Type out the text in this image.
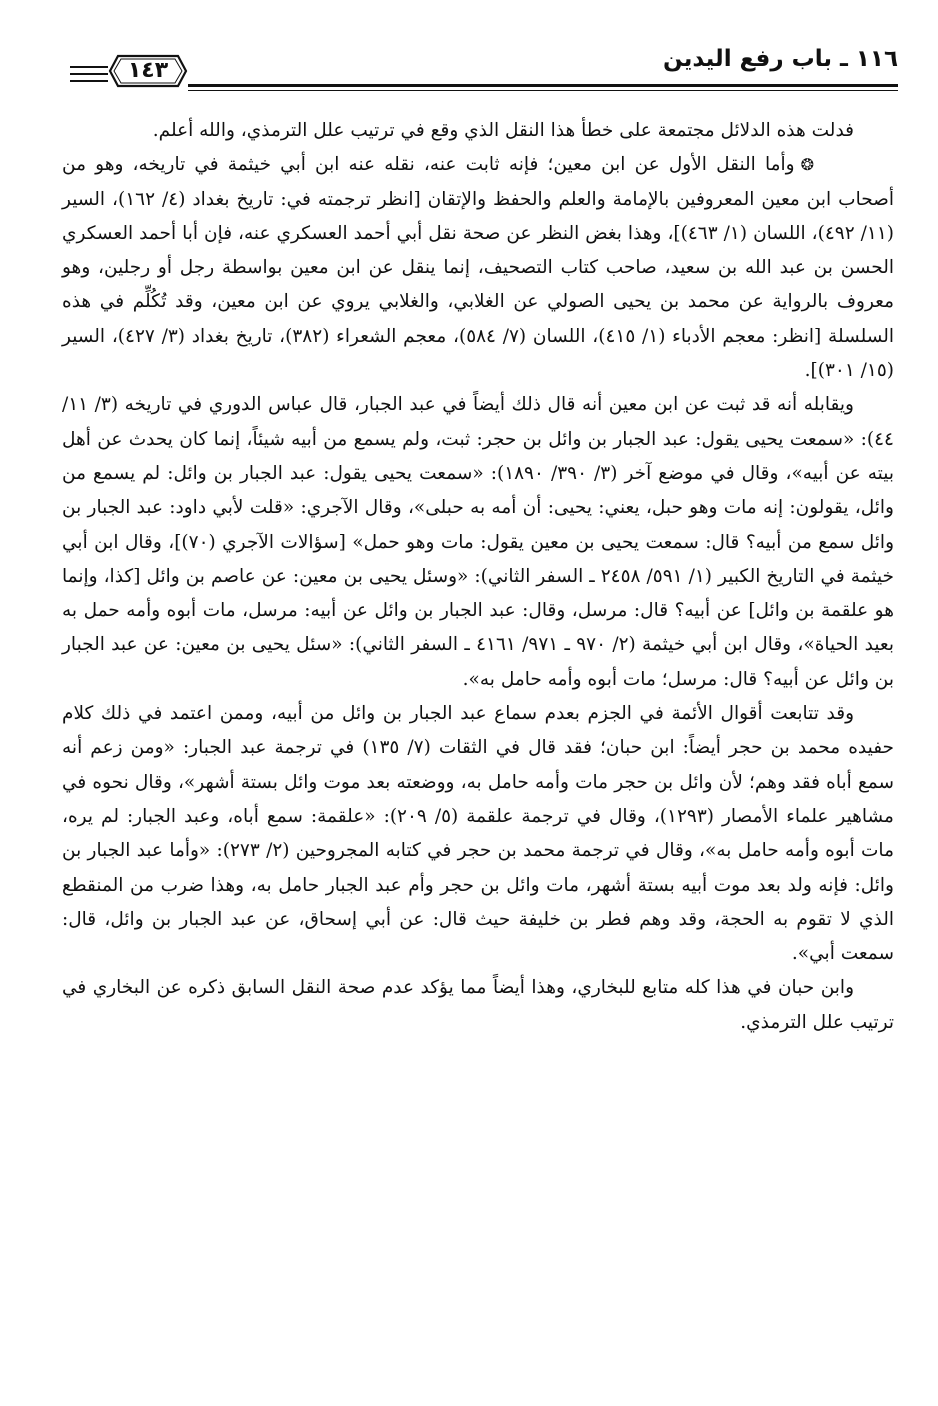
١١٦ ـ باب رفع اليدين
١٤٣

فدلت هذه الدلائل مجتمعة على خطأ هذا النقل الذي وقع في ترتيب علل الترمذي، والله أعلم.

❂وأما النقل الأول عن ابن معين؛ فإنه ثابت عنه، نقله عنه ابن أبي خيثمة في تاريخه، وهو من أصحاب ابن معين المعروفين بالإمامة والعلم والحفظ والإتقان [انظر ترجمته في: تاريخ بغداد (٤/ ١٦٢)، السير (١١/ ٤٩٢)، اللسان (١/ ٤٦٣)]، وهذا بغض النظر عن صحة نقل أبي أحمد العسكري عنه، فإن أبا أحمد العسكري الحسن بن عبد الله بن سعيد، صاحب كتاب التصحيف، إنما ينقل عن ابن معين بواسطة رجل أو رجلين، وهو معروف بالرواية عن محمد بن يحيى الصولي عن الغلابي، والغلابي يروي عن ابن معين، وقد تُكُلِّم في هذه السلسلة [انظر: معجم الأدباء (١/ ٤١٥)، اللسان (٧/ ٥٨٤)، معجم الشعراء (٣٨٢)، تاريخ بغداد (٣/ ٤٢٧)، السير (١٥/ ٣٠١)].

ويقابله أنه قد ثبت عن ابن معين أنه قال ذلك أيضاً في عبد الجبار، قال عباس الدوري في تاريخه (٣/ ١١/ ٤٤): «سمعت يحيى يقول: عبد الجبار بن وائل بن حجر: ثبت، ولم يسمع من أبيه شيئاً، إنما كان يحدث عن أهل بيته عن أبيه»، وقال في موضع آخر (٣/ ٣٩٠/ ١٨٩٠): «سمعت يحيى يقول: عبد الجبار بن وائل: لم يسمع من وائل، يقولون: إنه مات وهو حبل، يعني: يحيى: أن أمه به حبلى»، وقال الآجري: «قلت لأبي داود: عبد الجبار بن وائل سمع من أبيه؟ قال: سمعت يحيى بن معين يقول: مات وهو حمل» [سؤالات الآجري (٧٠)]، وقال ابن أبي خيثمة في التاريخ الكبير (١/ ٥٩١/ ٢٤٥٨ ـ السفر الثاني): «وسئل يحيى بن معين: عن عاصم بن وائل [كذا، وإنما هو علقمة بن وائل] عن أبيه؟ قال: مرسل، وقال: عبد الجبار بن وائل عن أبيه: مرسل، مات أبوه وأمه حمل به بعيد الحياة»، وقال ابن أبي خيثمة (٢/ ٩٧٠ ـ ٩٧١/ ٤١٦١ ـ السفر الثاني): «سئل يحيى بن معين: عن عبد الجبار بن وائل عن أبيه؟ قال: مرسل؛ مات أبوه وأمه حامل به».

وقد تتابعت أقوال الأئمة في الجزم بعدم سماع عبد الجبار بن وائل من أبيه، وممن اعتمد في ذلك كلام حفيده محمد بن حجر أيضاً: ابن حبان؛ فقد قال في الثقات (٧/ ١٣٥) في ترجمة عبد الجبار: «ومن زعم أنه سمع أباه فقد وهم؛ لأن وائل بن حجر مات وأمه حامل به، ووضعته بعد موت وائل بستة أشهر»، وقال نحوه في مشاهير علماء الأمصار (١٢٩٣)، وقال في ترجمة علقمة (٥/ ٢٠٩): «علقمة: سمع أباه، وعبد الجبار: لم يره، مات أبوه وأمه حامل به»، وقال في ترجمة محمد بن حجر في كتابه المجروحين (٢/ ٢٧٣): «وأما عبد الجبار بن وائل: فإنه ولد بعد موت أبيه بستة أشهر، مات وائل بن حجر وأم عبد الجبار حامل به، وهذا ضرب من المنقطع الذي لا تقوم به الحجة، وقد وهم فطر بن خليفة حيث قال: عن أبي إسحاق، عن عبد الجبار بن وائل، قال: سمعت أبي».

وابن حبان في هذا كله متابع للبخاري، وهذا أيضاً مما يؤكد عدم صحة النقل السابق ذكره عن البخاري في ترتيب علل الترمذي.
